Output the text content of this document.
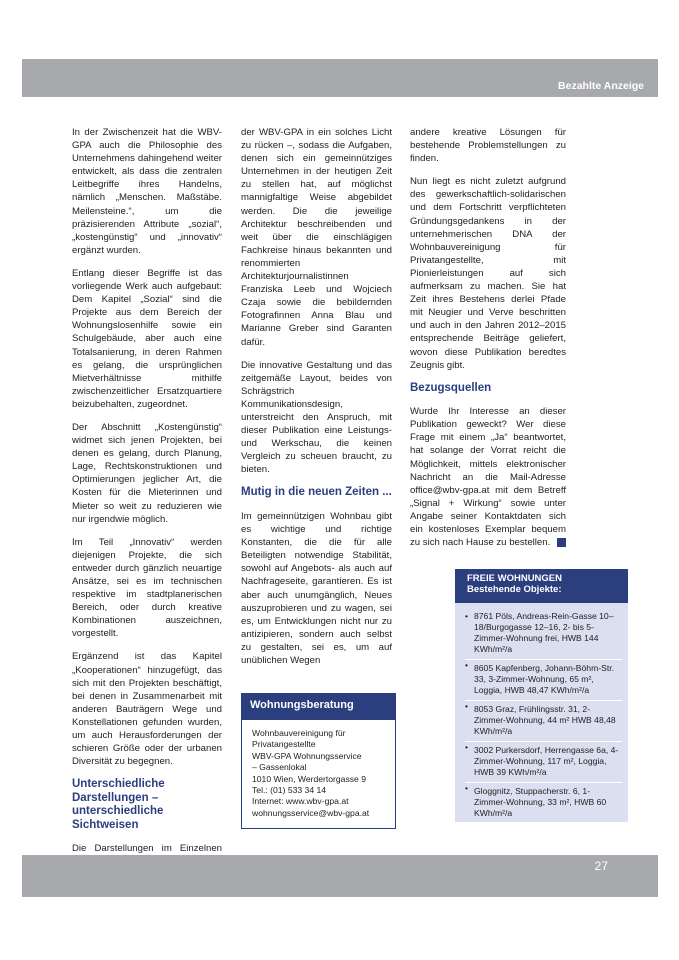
Bezahlte Anzeige

In der Zwischenzeit hat die WBV-GPA auch die Philosophie des Unternehmens dahingehend weiter entwickelt, als dass die zentralen Leitbegriffe ihres Handelns, nämlich „Menschen. Maßstäbe. Meilensteine.“, um die präzisierenden Attribute „sozial“, „kostengünstig“ und „innovativ“ ergänzt wurden.

Entlang dieser Begriffe ist das vorliegende Werk auch aufgebaut: Dem Kapitel „Sozial“ sind die Projekte aus dem Bereich der Wohnungslosenhilfe sowie ein Schulgebäude, aber auch eine Totalsanierung, in deren Rahmen es gelang, die ursprünglichen Mietverhältnisse mithilfe zwischenzeitlicher Ersatzquartiere beizubehalten, zugeordnet.

Der Abschnitt „Kostengünstig“ widmet sich jenen Projekten, bei denen es gelang, durch Planung, Lage, Rechtskonstruktionen und Optimierungen jeglicher Art, die Kosten für die Mieterinnen und Mieter so weit zu reduzieren wie nur irgendwie möglich.

Im Teil „Innovativ“ werden diejenigen Projekte, die sich entweder durch gänzlich neuartige Ansätze, sei es im technischen respektive im stadtplanerischen Bereich, oder durch kreative Kombinationen auszeichnen, vorgestellt.

Ergänzend ist das Kapitel „Kooperationen“ hinzugefügt, das sich mit den Projekten beschäftigt, bei denen in Zusammenarbeit mit anderen Bauträgern Wege und Konstellationen gefunden wurden, um auch Herausforderungen der schieren Größe oder der urbanen Diversität zu begegnen.

Unterschiedliche Darstellungen – unterschiedliche Sichtweisen

Die Darstellungen im Einzelnen

der WBV-GPA in ein solches Licht zu rücken –, sodass die Aufgaben, denen sich ein gemeinnütziges Unternehmen in der heutigen Zeit zu stellen hat, auf möglichst mannigfaltige Weise abgebildet werden. Die die jeweilige Architektur beschreibenden und weit über die einschlägigen Fachkreise hinaus bekannten und renommierten Architekturjournalistinnen Franziska Leeb und Wojciech Czaja sowie die bebildernden Fotografinnen Anna Blau und Marianne Greber sind Garanten dafür.

Die innovative Gestaltung und das zeitgemäße Layout, beides von Schrägstrich Kommunikationsdesign, unterstreicht den Anspruch, mit dieser Publikation eine Leistungs- und Werkschau, die keinen Vergleich zu scheuen braucht, zu bieten.

Mutig in die neuen Zeiten ...

Im gemeinnützigen Wohnbau gibt es wichtige und richtige Konstanten, die die für alle Beteiligten notwendige Stabilität, sowohl auf Angebots- als auch auf Nachfrageseite, garantieren. Es ist aber auch unumgänglich, Neues auszuprobieren und zu wagen, sei es, um Entwicklungen nicht nur zu antizipieren, sondern auch selbst zu gestalten, sei es, um auf unüblichen Wegen

andere kreative Lösungen für bestehende Problemstellungen zu finden.

Nun liegt es nicht zuletzt aufgrund des gewerkschaftlich-solidarischen und dem Fortschritt verpflichteten Gründungsgedankens in der unternehmerischen DNA der Wohnbauvereinigung für Privatangestellte, mit Pionierleistungen auf sich aufmerksam zu machen. Sie hat Zeit ihres Bestehens derlei Pfade mit Neugier und Verve beschritten und auch in den Jahren 2012–2015 entsprechende Beiträge geliefert, wovon diese Publikation beredtes Zeugnis gibt.

Bezugsquellen

Wurde Ihr Interesse an dieser Publikation geweckt? Wer diese Frage mit einem „Ja“ beantwortet, hat solange der Vorrat reicht die Möglichkeit, mittels elektronischer Nachricht an die Mail-Adresse office@wbv-gpa.at mit dem Betreff „Signal + Wirkung“ sowie unter Angabe seiner Kontaktdaten sich ein kostenloses Exemplar bequem zu sich nach Hause zu bestellen.

Wohnungsberatung
Wohnbauvereinigung für
Privatangestellte
WBV-GPA Wohnungsservice
– Gassenlokal
1010 Wien, Werdertorgasse 9
Tel.: (01) 533 34 14
Internet: www.wbv-gpa.at
wohnungsservice@wbv-gpa.at
FREIE WOHNUNGEN
Bestehende Objekte:
• 8761 Pöls, Andreas-Rein-Gasse 10–18/Burgogasse 12–16, 2- bis 5-Zimmer-Wohnung frei, HWB 144 KWh/m²/a
• 8605 Kapfenberg, Johann-Böhm-Str. 33, 3-Zimmer-Wohnung, 65 m², Loggia, HWB 48,47 KWh/m²/a
• 8053 Graz, Frühlingsstr. 31, 2-Zimmer-Wohnung, 44 m² HWB 48,48 KWh/m²/a
• 3002 Purkersdorf, Herrengasse 6a, 4-Zimmer-Wohnung, 117 m², Loggia, HWB 39 KWh/m²/a
• Gloggnitz, Stuppacherstr. 6, 1-Zimmer-Wohnung, 33 m², HWB 60 KWh/m²/a
27
